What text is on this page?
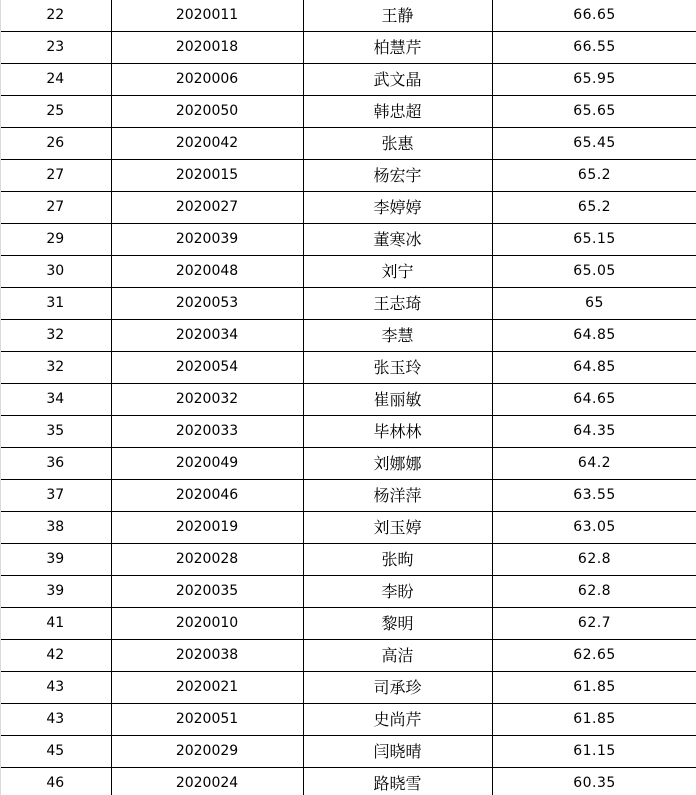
22	2020011	王静	66.65
23	2020018	柏慧芹	66.55
24	2020006	武文晶	65.95
25	2020050	韩忠超	65.65
26	2020042	张惠	65.45
27	2020015	杨宏宇	65.2
27	2020027	李婷婷	65.2
29	2020039	董寒冰	65.15
30	2020048	刘宁	65.05
31	2020053	王志琦	65
32	2020034	李慧	64.85
32	2020054	张玉玲	64.85
34	2020032	崔丽敏	64.65
35	2020033	毕林林	64.35
36	2020049	刘娜娜	64.2
37	2020046	杨洋萍	63.55
38	2020019	刘玉婷	63.05
39	2020028	张昫	62.8
39	2020035	李盼	62.8
41	2020010	黎明	62.7
42	2020038	高洁	62.65
43	2020021	司承珍	61.85
43	2020051	史尚芹	61.85
45	2020029	闫晓晴	61.15
46	2020024	路晓雪	60.35
